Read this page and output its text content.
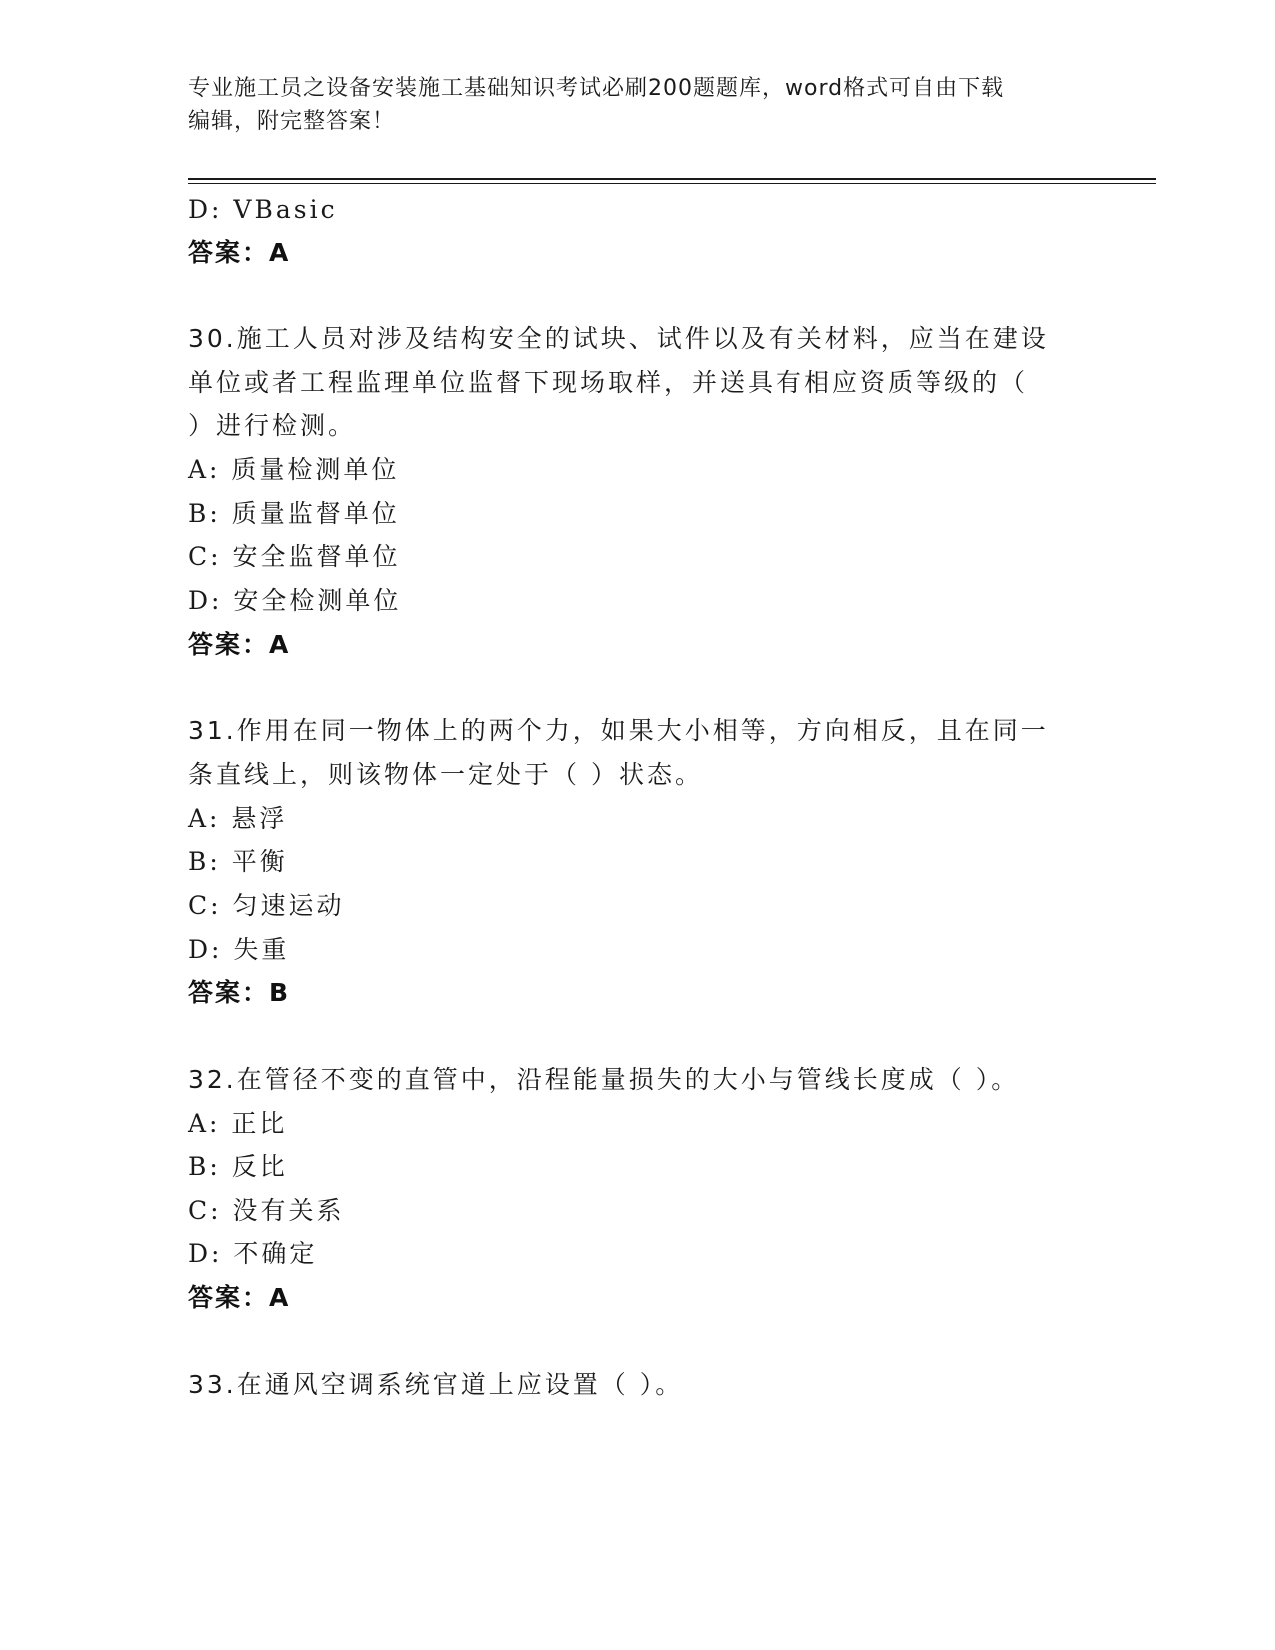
专业施工员之设备安装施工基础知识考试必刷200题题库，word格式可自由下载
编辑，附完整答案！
D: VBasic
答案：A
30.施工人员对涉及结构安全的试块、试件以及有关材料，应当在建设
单位或者工程监理单位监督下现场取样，并送具有相应资质等级的（
）进行检测。
A: 质量检测单位
B: 质量监督单位
C: 安全监督单位
D: 安全检测单位
答案：A
31.作用在同一物体上的两个力，如果大小相等，方向相反，且在同一
条直线上，则该物体一定处于（ ）状态。
A: 悬浮
B: 平衡
C: 匀速运动
D: 失重
答案：B
32.在管径不变的直管中，沿程能量损失的大小与管线长度成（ ）。
A: 正比
B: 反比
C: 没有关系
D: 不确定
答案：A
33.在通风空调系统官道上应设置（ ）。
